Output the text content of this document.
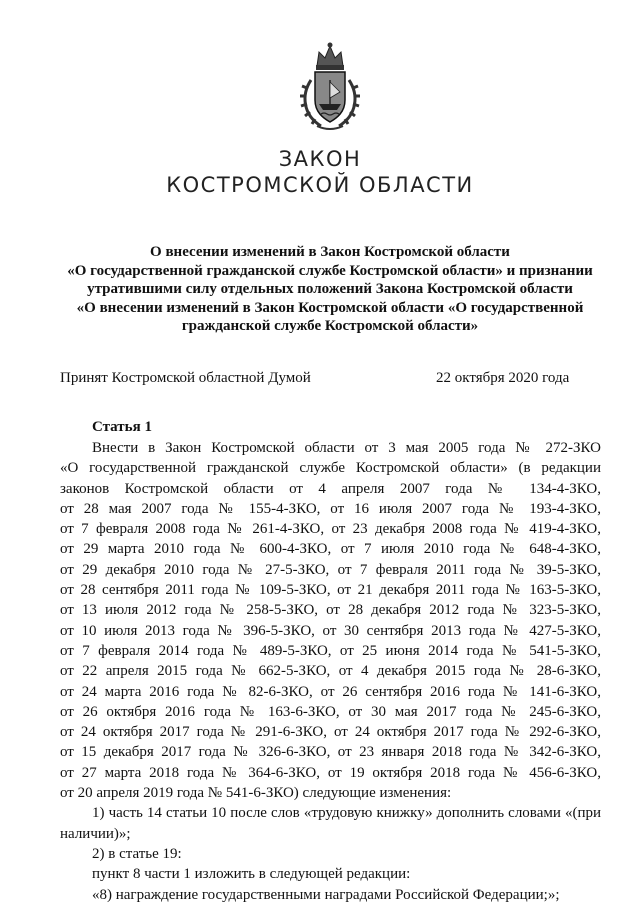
ЗАКОН
КОСТРОМСКОЙ ОБЛАСТИ
О внесении изменений в Закон Костромской области
«О государственной гражданской службе Костромской области» и признании
утратившими силу отдельных положений Закона Костромской области
«О внесении изменений в Закон Костромской области «О государственной
гражданской службе Костромской области»
Принят Костромской областной Думой	22 октября 2020 года
Статья 1
Внести в Закон Костромской области от 3 мая 2005 года № 272-ЗКО
«О государственной гражданской службе Костромской области» (в редакции
законов Костромской области от 4 апреля 2007 года № 134-4-ЗКО,
от 28 мая 2007 года № 155-4-ЗКО, от 16 июля 2007 года № 193-4-ЗКО,
от 7 февраля 2008 года № 261-4-ЗКО, от 23 декабря 2008 года № 419-4-ЗКО,
от 29 марта 2010 года № 600-4-ЗКО, от 7 июля 2010 года № 648-4-ЗКО,
от 29 декабря 2010 года № 27-5-ЗКО, от 7 февраля 2011 года № 39-5-ЗКО,
от 28 сентября 2011 года № 109-5-ЗКО, от 21 декабря 2011 года № 163-5-ЗКО,
от 13 июля 2012 года № 258-5-ЗКО, от 28 декабря 2012 года № 323-5-ЗКО,
от 10 июля 2013 года № 396-5-ЗКО, от 30 сентября 2013 года № 427-5-ЗКО,
от 7 февраля 2014 года № 489-5-ЗКО, от 25 июня 2014 года № 541-5-ЗКО,
от 22 апреля 2015 года № 662-5-ЗКО, от 4 декабря 2015 года № 28-6-ЗКО,
от 24 марта 2016 года № 82-6-ЗКО, от 26 сентября 2016 года № 141-6-ЗКО,
от 26 октября 2016 года № 163-6-ЗКО, от 30 мая 2017 года № 245-6-ЗКО,
от 24 октября 2017 года № 291-6-ЗКО, от 24 октября 2017 года № 292-6-ЗКО,
от 15 декабря 2017 года № 326-6-ЗКО, от 23 января 2018 года № 342-6-ЗКО,
от 27 марта 2018 года № 364-6-ЗКО, от 19 октября 2018 года № 456-6-ЗКО,
от 20 апреля 2019 года № 541-6-ЗКО) следующие изменения:
1) часть 14 статьи 10 после слов «трудовую книжку» дополнить словами «(при
наличии)»;
2) в статье 19:
пункт 8 части 1 изложить в следующей редакции:
«8) награждение государственными наградами Российской Федерации;»;
